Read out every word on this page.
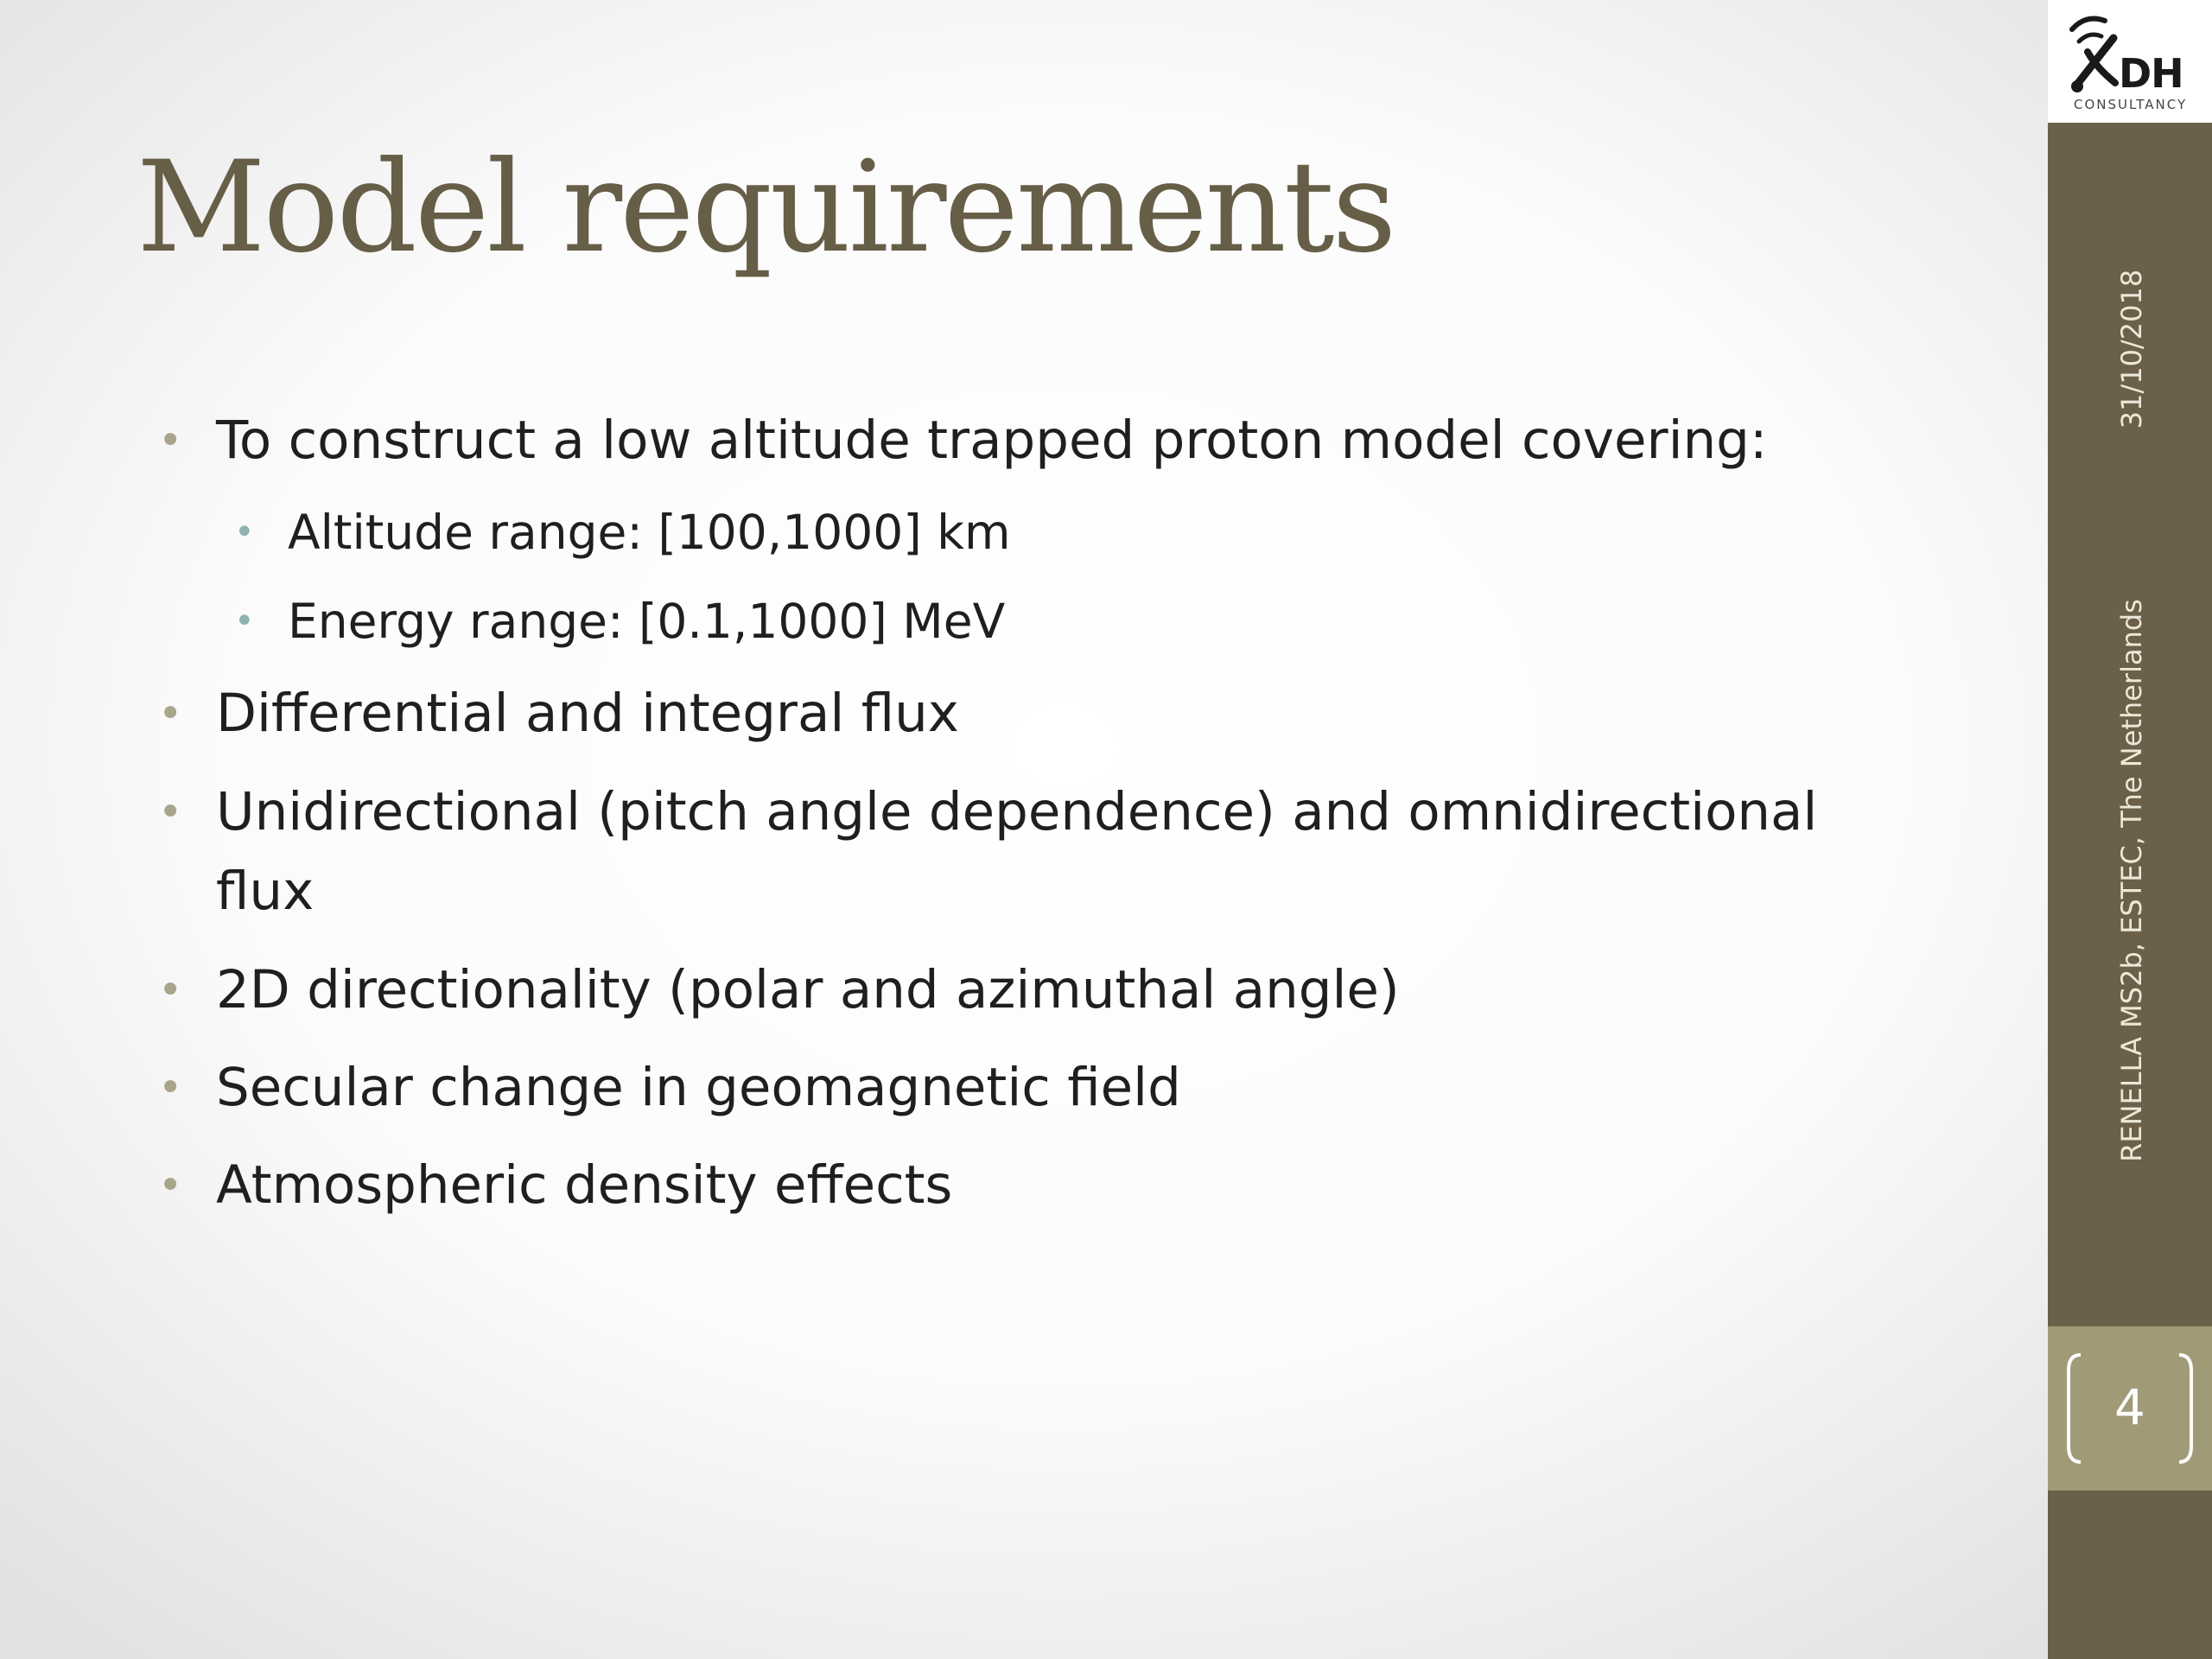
Model requirements
• To construct a low altitude trapped proton model covering:
• Altitude range: [100,1000] km
• Energy range: [0.1,1000] MeV
• Differential and integral flux
• Unidirectional (pitch angle dependence) and omnidirectional
flux
• 2D directionality (polar and azimuthal angle)
• Secular change in geomagnetic field
• Atmospheric density effects
DH
CONSULTANCY
4
31/10/2018
RENELLA MS2b, ESTEC, The Netherlands
